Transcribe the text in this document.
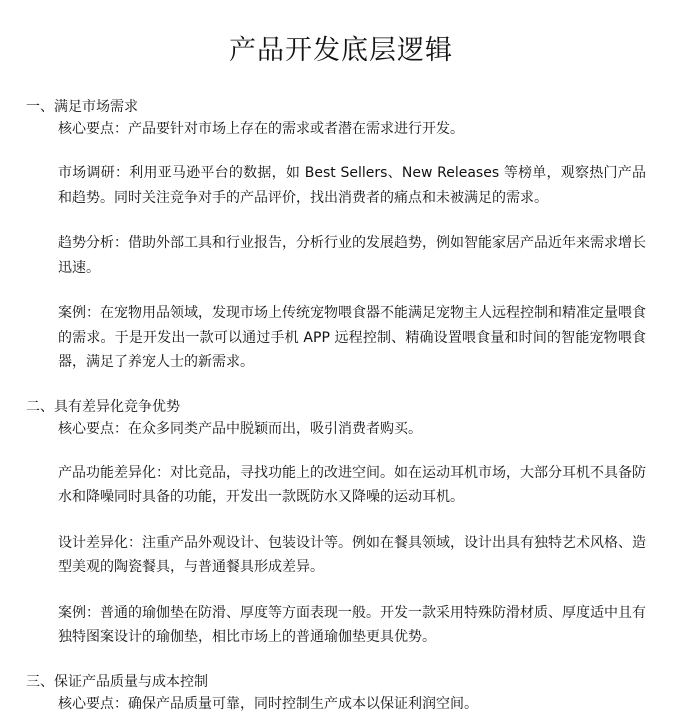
产品开发底层逻辑
一、满足市场需求
核心要点：产品要针对市场上存在的需求或者潜在需求进行开发。
市场调研：利用亚马逊平台的数据，如 Best Sellers、New Releases 等榜单，观察热门产品和趋势。同时关注竞争对手的产品评价，找出消费者的痛点和未被满足的需求。
趋势分析：借助外部工具和行业报告，分析行业的发展趋势，例如智能家居产品近年来需求增长迅速。
案例：在宠物用品领域，发现市场上传统宠物喂食器不能满足宠物主人远程控制和精准定量喂食的需求。于是开发出一款可以通过手机 APP 远程控制、精确设置喂食量和时间的智能宠物喂食器，满足了养宠人士的新需求。
二、具有差异化竞争优势
核心要点：在众多同类产品中脱颖而出，吸引消费者购买。
产品功能差异化：对比竞品，寻找功能上的改进空间。如在运动耳机市场，大部分耳机不具备防水和降噪同时具备的功能，开发出一款既防水又降噪的运动耳机。
设计差异化：注重产品外观设计、包装设计等。例如在餐具领域，设计出具有独特艺术风格、造型美观的陶瓷餐具，与普通餐具形成差异。
案例：普通的瑜伽垫在防滑、厚度等方面表现一般。开发一款采用特殊防滑材质、厚度适中且有独特图案设计的瑜伽垫，相比市场上的普通瑜伽垫更具优势。
三、保证产品质量与成本控制
核心要点：确保产品质量可靠，同时控制生产成本以保证利润空间。
